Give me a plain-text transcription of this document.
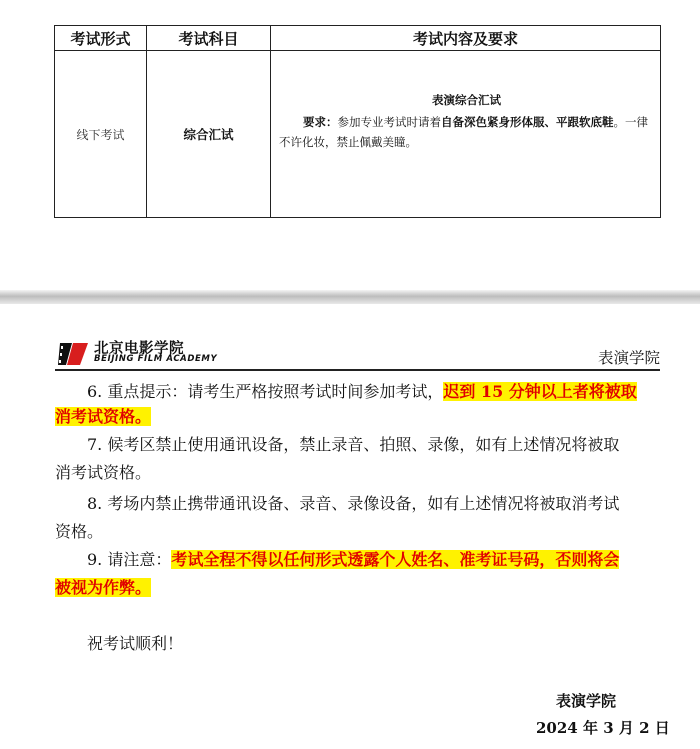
考试形式	考试科目	考试内容及要求
线下考试	综合汇试	表演综合汇试
要求：参加专业考试时请着自备深色紧身形体服、平跟软底鞋。一律不许化妆，禁止佩戴美瞳。
北京电影学院
BEIJING FILM ACADEMY	表演学院
6. 重点提示：请考生严格按照考试时间参加考试，迟到 15 分钟以上者将被取
消考试资格。
7. 候考区禁止使用通讯设备，禁止录音、拍照、录像，如有上述情况将被取
消考试资格。
8. 考场内禁止携带通讯设备、录音、录像设备，如有上述情况将被取消考试
资格。
9. 请注意：考试全程不得以任何形式透露个人姓名、准考证号码，否则将会
被视为作弊。
祝考试顺利！
表演学院
2024 年 3 月 2 日
